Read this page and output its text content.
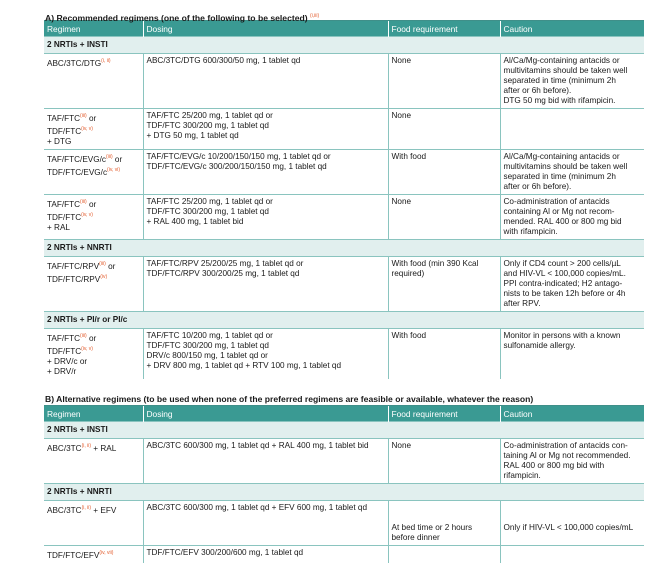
A) Recommended regimens (one of the following to be selected) $^{(i,iii)}$
Regimen	Dosing	Food requirement	Caution
2 NRTIs + INSTI			

ABC/$3TC/DTG^{(i, ii)}$	ABC/3TC/DTG 600/300/50 mg, 1 tablet qd	None	Al/Ca/Mg-containing antacids or
multivitamins should be taken well
separated in time (minimum 2h
after or 6h before).
DTG 50 mg bid with rifampicin.

TAF/FTC$^{(iii)}$ or
TDF/FTC$^{(iv, v)}$
+ DTG	TAF/FTC 25/200 mg, 1 tablet qd or
TDF/FTC 300/200 mg, 1 tablet qd
+ DTG 50 mg, 1 tablet qd	None	

TAF/$FTC/EVG/c^{(iii)}$ or
TDF/$FTC/EVG/c^{(iv, vi)}$	TAF/FTC/EVG/c 10/200/150/150 mg, 1 tablet qd or
TDF/FTC/EVG/c 300/200/150/150 mg, 1 tablet qd	With food	Al/Ca/Mg-containing antacids or
multivitamins should be taken well
separated in time (minimum 2h
after or 6h before).

TAF/FTC$^{(iii)}$ or
TDF/FTC$^{(iv, v)}$
+ RAL	TAF/FTC 25/200 mg, 1 tablet qd or
TDF/FTC 300/200 mg, 1 tablet qd
+ RAL 400 mg, 1 tablet bid	None	Co-administration of antacids
containing Al or Mg not recom-
mended. RAL 400 or 800 mg bid
with rifampicin.

2 NRTIs + NNRTI			

TAF/FTC/RPV$^{(iii)}$ or
TDF/FTC/RPV$^{(iv)}$	TAF/FTC/RPV 25/200/25 mg, 1 tablet qd or
TDF/FTC/RPV 300/200/25 mg, 1 tablet qd	With food (min 390 Kcal
required)	Only if CD4 count > 200 cells/µL
and HIV-VL < 100,000 copies/mL.
PPI contra-indicated; H2 antago-
nists to be taken 12h before or 4h
after RPV.

2 NRTIs + PI/r or PI/c			

TAF/FTC$^{(iii)}$ or
TDF/FTC$^{(iv, v)}$
+ DRV/c or
+ DRV/r	TAF/FTC 10/200 mg, 1 tablet qd or
TDF/FTC 300/200 mg, 1 tablet qd
DRV/c 800/150 mg, 1 tablet qd or
+ DRV 800 mg, 1 tablet qd + RTV 100 mg, 1 tablet qd	With food	Monitor in persons with a known
sulfonamide allergy.
B) Alternative regimens (to be used when none of the preferred regimens are feasible or available, whatever the reason)
Regimen	Dosing	Food requirement	Caution
2 NRTIs + INSTI			

ABC/$3TC^{(i, ii)}$ + RAL	ABC/3TC 600/300 mg, 1 tablet qd + RAL 400 mg, 1 tablet bid	None	Co-administration of antacids con-
taining Al or Mg not recommended.
RAL 400 or 800 mg bid with
rifampicin.

2 NRTIs + NNRTI			

ABC/$3TC^{(i, ii)}$ + EFV	ABC/3TC 600/300 mg, 1 tablet qd + EFV 600 mg, 1 tablet qd	At bed time or 2 hours
before dinner	Only if HIV-VL < 100,000 copies/mL

TDF/$FTC/EFV^{(iv, vii)}$	TDF/FTC/EFV 300/200/600 mg, 1 tablet qd		
